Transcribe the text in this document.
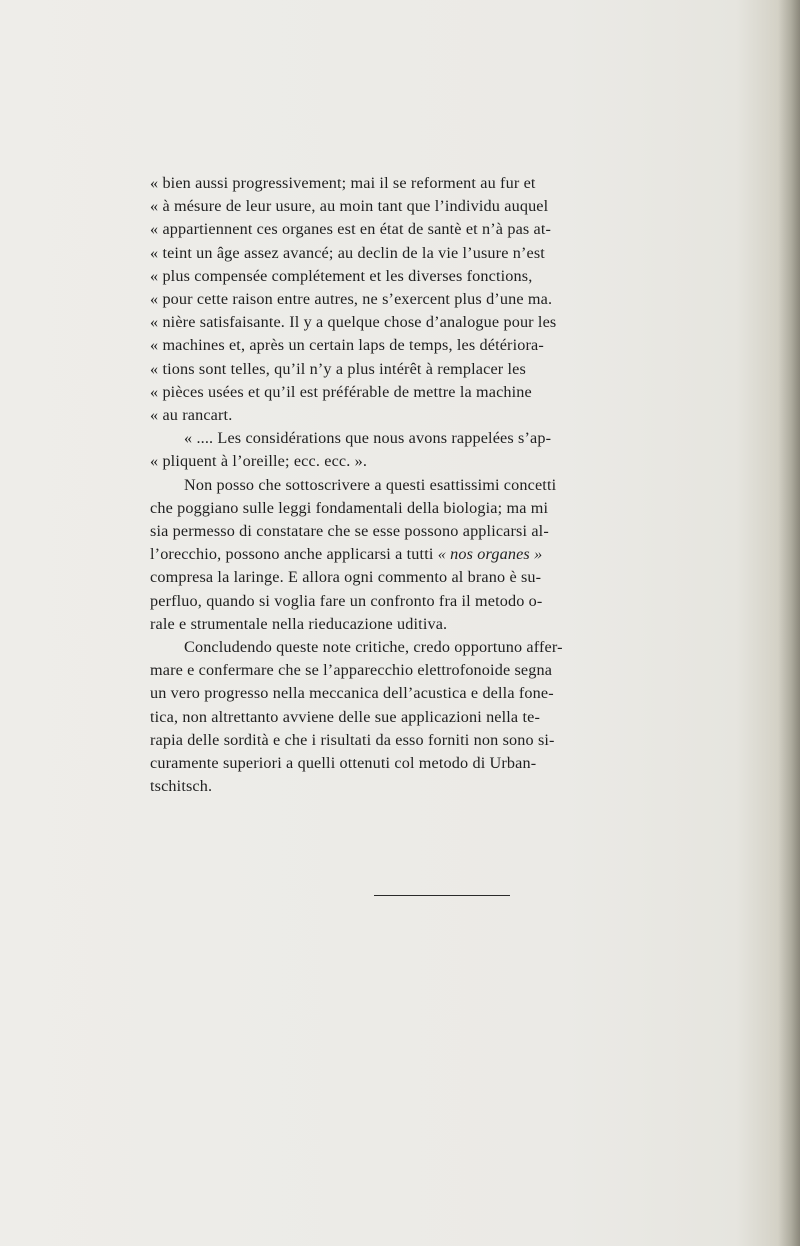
« bien aussi progressivement; mai il se reforment au fur et
« à mésure de leur usure, au moin tant que l’individu auquel
« appartiennent ces organes est en état de santè et n’à pas at-
« teint un âge assez avancé; au declin de la vie l’usure n’est
« plus compensée complétement et les diverses fonctions,
« pour cette raison entre autres, ne s’exercent plus d’une ma.
« nière satisfaisante. Il y a quelque chose d’analogue pour les
« machines et, après un certain laps de temps, les détériora-
« tions sont telles, qu’il n’y a plus intérêt à remplacer les
« pièces usées et qu’il est préférable de mettre la machine
« au rancart.
« .... Les considérations que nous avons rappelées s’ap-
« pliquent à l’oreille; ecc. ecc. ».
Non posso che sottoscrivere a questi esattissimi concetti
che poggiano sulle leggi fondamentali della biologia; ma mi
sia permesso di constatare che se esse possono applicarsi al-
l’orecchio, possono anche applicarsi a tutti « nos organes »
compresa la laringe. E allora ogni commento al brano è su-
perfluo, quando si voglia fare un confronto fra il metodo o-
rale e strumentale nella rieducazione uditiva.
Concludendo queste note critiche, credo opportuno affer-
mare e confermare che se l’apparecchio elettrofonoide segna
un vero progresso nella meccanica dell’acustica e della fone-
tica, non altrettanto avviene delle sue applicazioni nella te-
rapia delle sordità e che i risultati da esso forniti non sono si-
curamente superiori a quelli ottenuti col metodo di Urban-
tschitsch.
